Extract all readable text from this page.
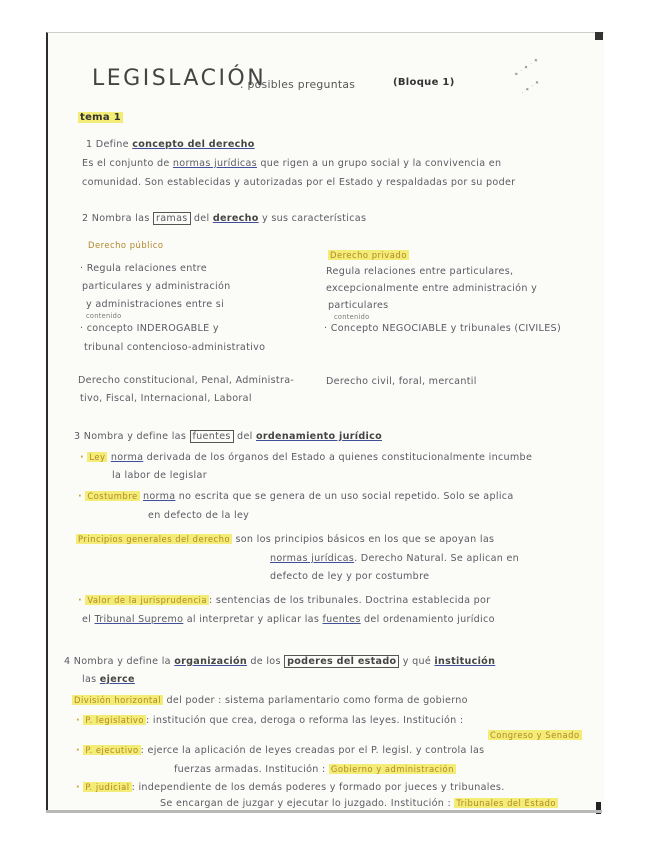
LEGISLACIÓN
. posibles preguntas	(Bloque 1)
✦ · ✦ · ✦
· ✦ · ✦
tema 1
1 Define concepto del derecho
Es el conjunto de normas jurídicas que rigen a un grupo social y la convivencia en
comunidad. Son establecidas y autorizadas por el Estado y respaldadas por su poder
2 Nombra las ramas del derecho y sus características
Derecho público
· Regula relaciones entre
particulares y administración
y administraciones entre si
contenido
· concepto INDEROGABLE y
tribunal contencioso-administrativo
Derecho constitucional, Penal, Administra-
tivo, Fiscal, Internacional, Laboral
Derecho privado
Regula relaciones entre particulares,
excepcionalmente entre administración y
particulares
contenido
· Concepto NEGOCIABLE y tribunales (CIVILES)
Derecho civil, foral, mercantil
3 Nombra y define las fuentes del ordenamiento jurídico
· Ley norma derivada de los órganos del Estado a quienes constitucionalmente incumbe
la labor de legislar
· Costumbre norma no escrita que se genera de un uso social repetido. Solo se aplica
en defecto de la ley
Principios generales del derecho son los principios básicos en los que se apoyan las
normas jurídicas. Derecho Natural. Se aplican en
defecto de ley y por costumbre
· Valor de la jurisprudencia : sentencias de los tribunales. Doctrina establecida por
el Tribunal Supremo al interpretar y aplicar las fuentes del ordenamiento jurídico
4 Nombra y define la organización de los poderes del estado y qué institución
las ejerce
División horizontal del poder : sistema parlamentario como forma de gobierno
· P. legislativo : institución que crea, deroga o reforma las leyes. Institución :
Congreso y Senado
· P. ejecutivo : ejerce la aplicación de leyes creadas por el P. legisl. y controla las
fuerzas armadas. Institución : Gobierno y administración
· P. judicial : independiente de los demás poderes y formado por jueces y tribunales.
Se encargan de juzgar y ejecutar lo juzgado. Institución : Tribunales del Estado
